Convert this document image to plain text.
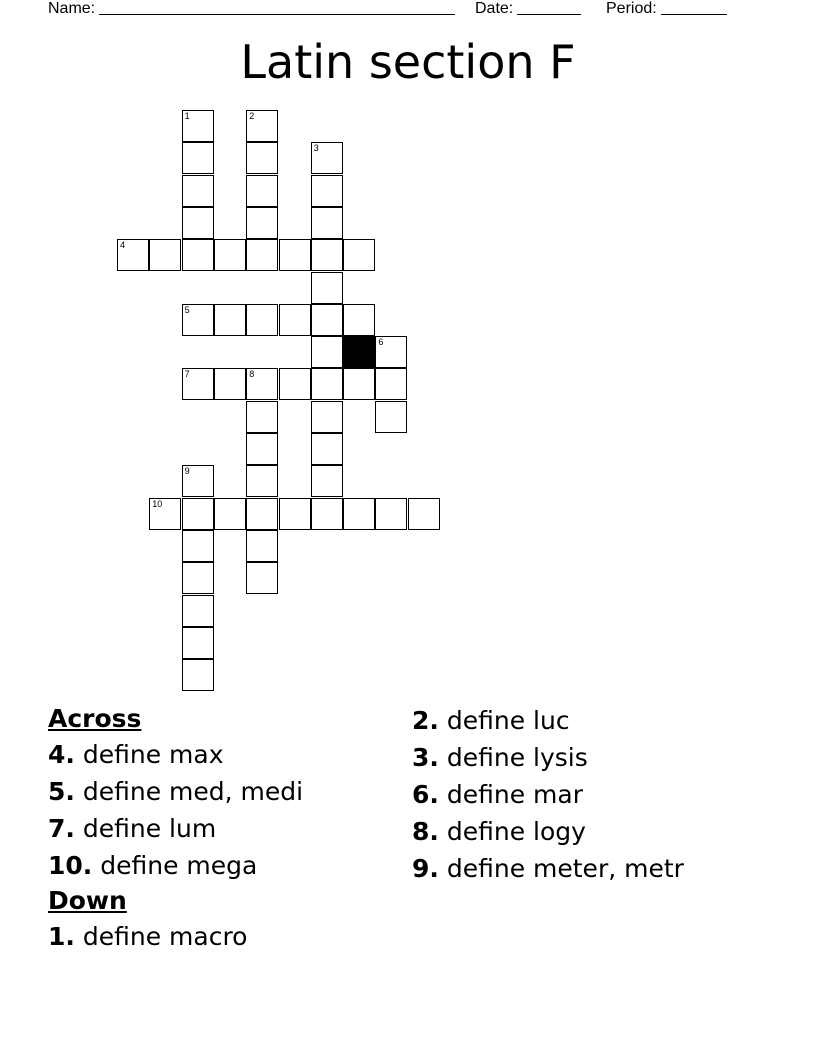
Name:	Date:	Period:
Latin section F
1	2
3
4
5
6
7	8
9
10
Across
4. define max
5. define med, medi
7. define lum
10. define mega
Down
1. define macro
2. define luc
3. define lysis
6. define mar
8. define logy
9. define meter, metr
